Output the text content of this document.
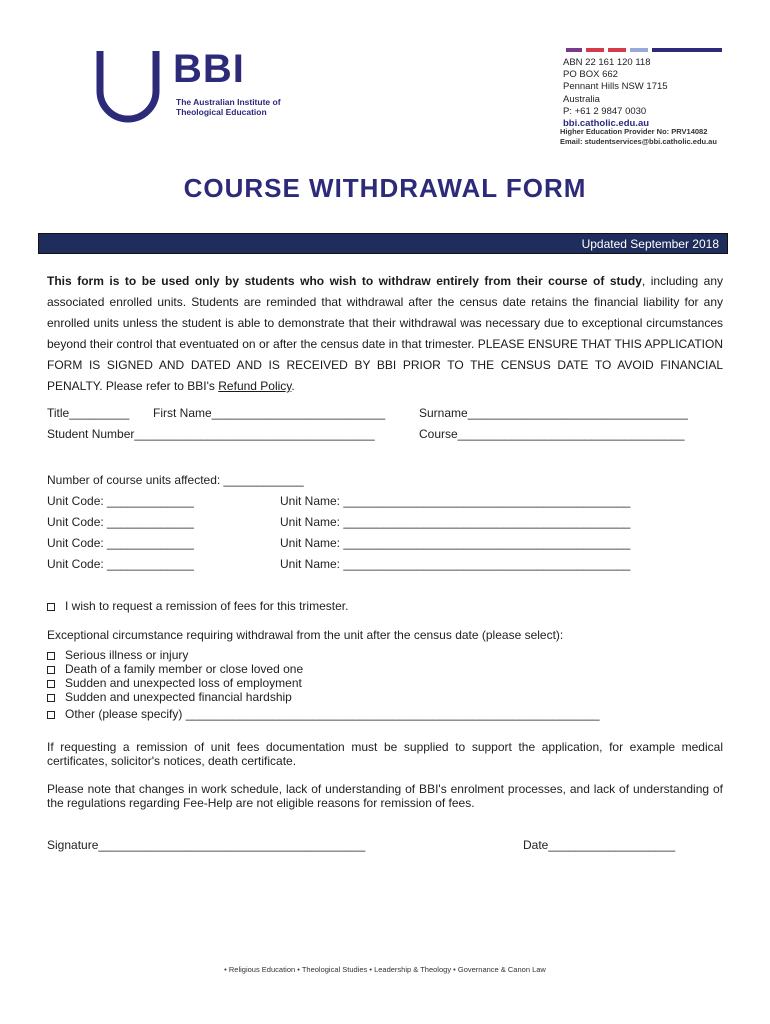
BBI
The Australian Institute of Theological Education
ABN 22 161 120 118
PO BOX 662
Pennant Hills NSW 1715
Australia
P: +61 2 9847 0030
bbi.catholic.edu.au
Higher Education Provider No: PRV14082
Email: studentservices@bbi.catholic.edu.au
COURSE WITHDRAWAL FORM
Updated September 2018
This form is to be used only by students who wish to withdraw entirely from their course of study, including any associated enrolled units. Students are reminded that withdrawal after the census date retains the financial liability for any enrolled units unless the student is able to demonstrate that their withdrawal was necessary due to exceptional circumstances beyond their control that eventuated on or after the census date in that trimester. PLEASE ENSURE THAT THIS APPLICATION FORM IS SIGNED AND DATED AND IS RECEIVED BY BBI PRIOR TO THE CENSUS DATE TO AVOID FINANCIAL PENALTY. Please refer to BBI's Refund Policy.
Title_________ First Name__________________________	Surname_________________________________
Student Number____________________________________	Course__________________________________
Number of course units affected: ____________
Unit Code: _____________	Unit Name: ___________________________________________
Unit Code: _____________	Unit Name: ___________________________________________
Unit Code: _____________	Unit Name: ___________________________________________
Unit Code: _____________	Unit Name: ___________________________________________
I wish to request a remission of fees for this trimester.
Exceptional circumstance requiring withdrawal from the unit after the census date (please select):
Serious illness or injury
Death of a family member or close loved one
Sudden and unexpected loss of employment
Sudden and unexpected financial hardship
Other (please specify) ______________________________________________________________
If requesting a remission of unit fees documentation must be supplied to support the application, for example medical certificates, solicitor's notices, death certificate.
Please note that changes in work schedule, lack of understanding of BBI's enrolment processes, and lack of understanding of the regulations regarding Fee-Help are not eligible reasons for remission of fees.
Signature________________________________________	Date___________________
• Religious Education • Theological Studies • Leadership & Theology • Governance & Canon Law
